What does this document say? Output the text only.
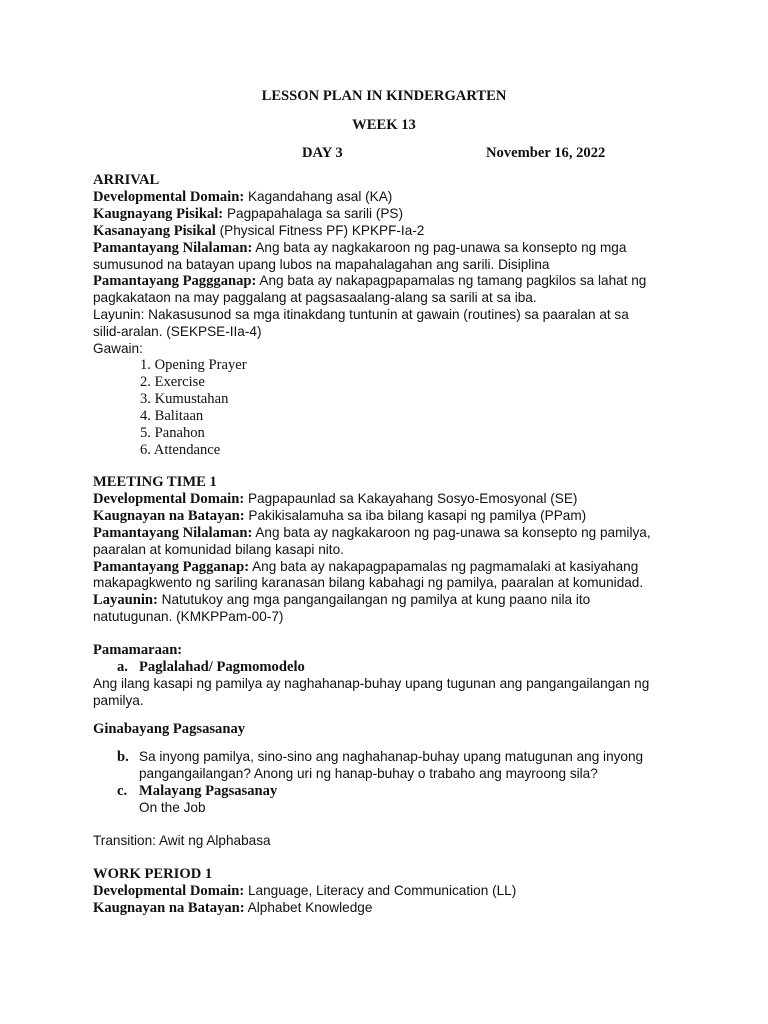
LESSON PLAN IN KINDERGARTEN
WEEK 13
DAY 3	November 16, 2022
ARRIVAL
Developmental Domain: Kagandahang asal (KA)
Kaugnayang Pisikal: Pagpapahalaga sa sarili (PS)
Kasanayang Pisikal (Physical Fitness PF) KPKPF-Ia-2
Pamantayang Nilalaman: Ang bata ay nagkakaroon ng pag-unawa sa konsepto ng mga
sumusunod na batayan upang lubos na mapahalagahan ang sarili. Disiplina
Pamantayang Paggganap: Ang bata ay nakapagpapamalas ng tamang pagkilos sa lahat ng
pagkakataon na may paggalang at pagsasaalang-alang sa sarili at sa iba.
Layunin: Nakasusunod sa mga itinakdang tuntunin at gawain (routines) sa paaralan at sa
silid-aralan. (SEKPSE-IIa-4)
Gawain:
1. Opening Prayer
2. Exercise
3. Kumustahan
4. Balitaan
5. Panahon
6. Attendance
MEETING TIME 1
Developmental Domain: Pagpapaunlad sa Kakayahang Sosyo-Emosyonal (SE)
Kaugnayan na Batayan: Pakikisalamuha sa iba bilang kasapi ng pamilya (PPam)
Pamantayang Nilalaman: Ang bata ay nagkakaroon ng pag-unawa sa konsepto ng pamilya,
paaralan at komunidad bilang kasapi nito.
Pamantayang Pagganap: Ang bata ay nakapagpapamalas ng pagmamalaki at kasiyahang
makapagkwento ng sariling karanasan bilang kabahagi ng pamilya, paaralan at komunidad.
Layaunin: Natutukoy ang mga pangangailangan ng pamilya at kung paano nila ito
natutugunan. (KMKPPam-00-7)
Pamamaraan:
a. Paglalahad/ Pagmomodelo
Ang ilang kasapi ng pamilya ay naghahanap-buhay upang tugunan ang pangangailangan ng
pamilya.
Ginabayang Pagsasanay
b. Sa inyong pamilya, sino-sino ang naghahanap-buhay upang matugunan ang inyong
pangangailangan? Anong uri ng hanap-buhay o trabaho ang mayroong sila?
c. Malayang Pagsasanay
On the Job
Transition: Awit ng Alphabasa
WORK PERIOD 1
Developmental Domain: Language, Literacy and Communication (LL)
Kaugnayan na Batayan: Alphabet Knowledge
